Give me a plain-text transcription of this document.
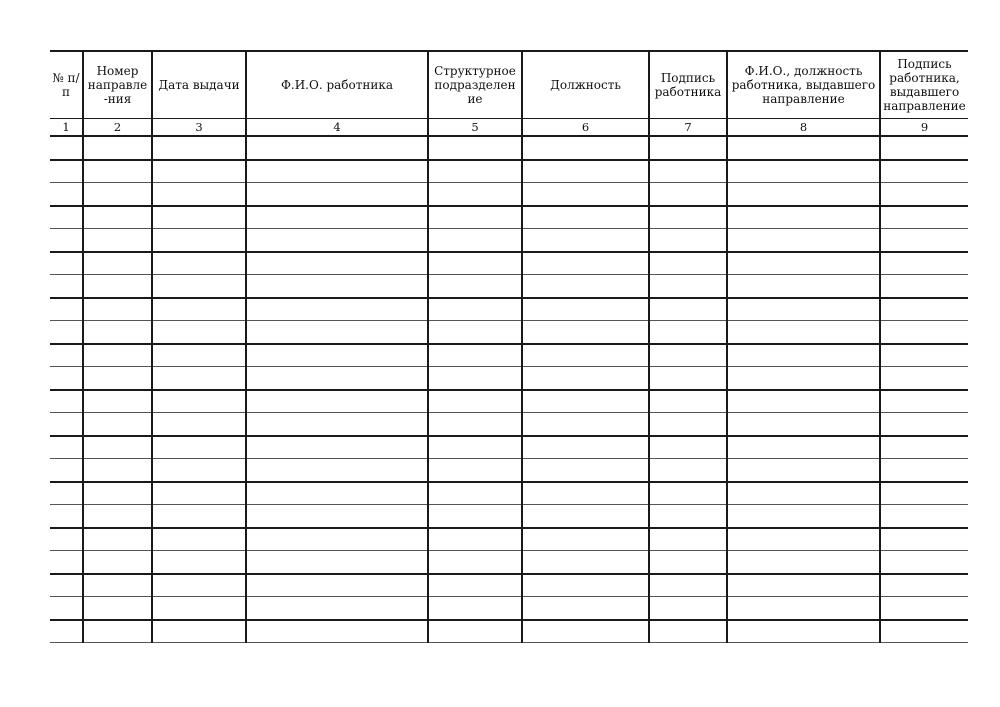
№ п/п	Номер направле-ния	Дата выдачи	Ф.И.О. работника	Структурное подразделение	Должность	Подпись работника	Ф.И.О., должность работника, выдавшего направление	Подпись работника, выдавшего направление

1	2	3	4	5	6	7	8	9
